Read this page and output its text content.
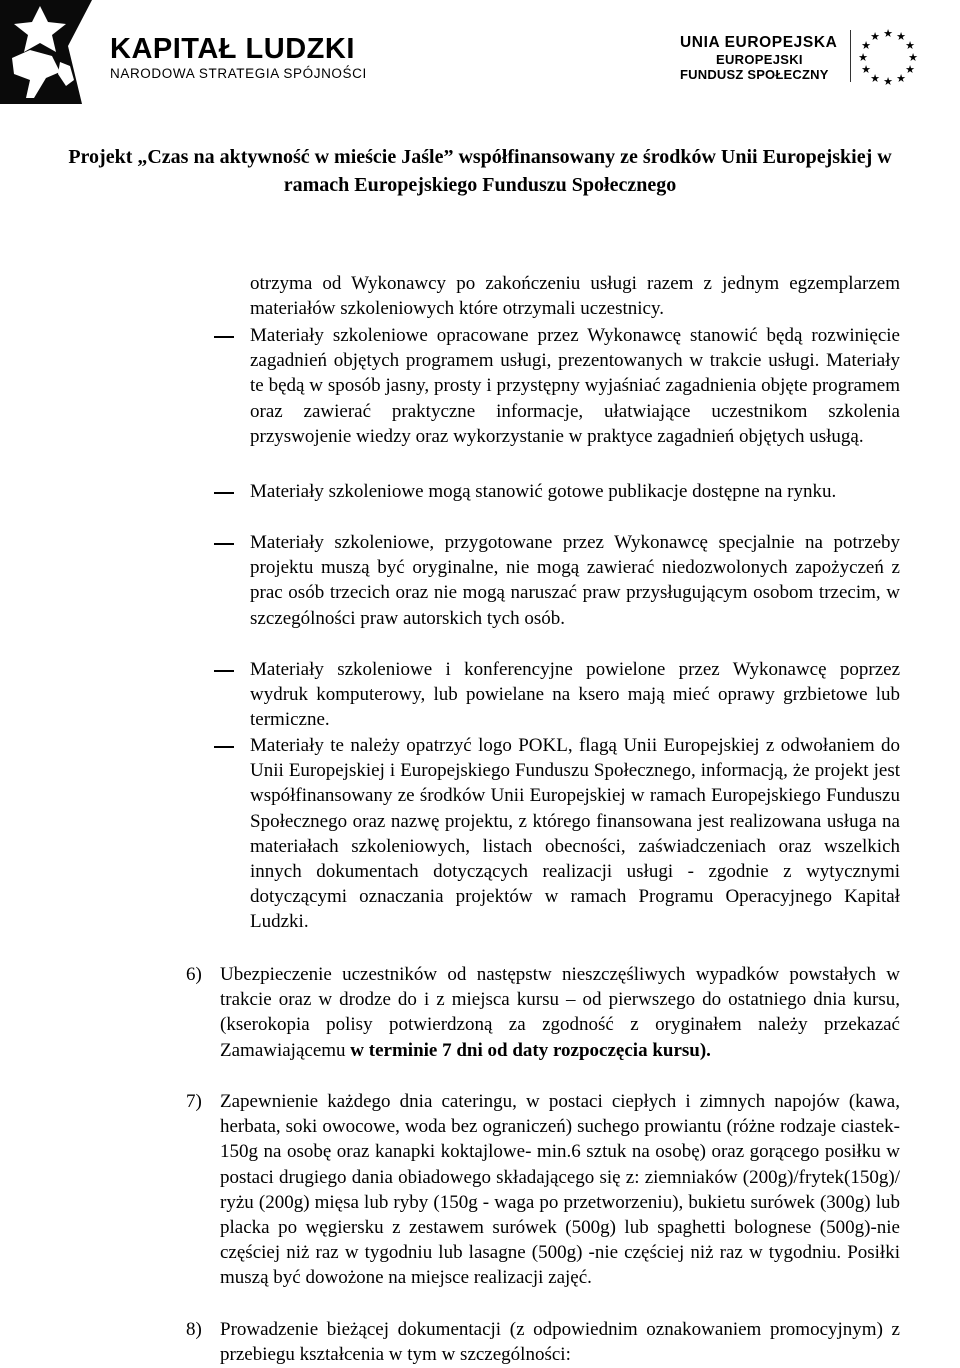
KAPITAŁ LUDZKI
NARODOWA STRATEGIA SPÓJNOŚCI
UNIA EUROPEJSKA
EUROPEJSKI
FUNDUSZ SPOŁECZNY
★ ★
★
★
★
★
★
★
★
★
★
★
Projekt „Czas na aktywność w mieście Jaśle” współfinansowany ze środków Unii Europejskiej w ramach Europejskiego Funduszu Społecznego

otrzyma od Wykonawcy po zakończeniu usługi razem z jednym egzemplarzem materiałów szkoleniowych które otrzymali uczestnicy.

Materiały szkoleniowe opracowane przez Wykonawcę stanowić będą rozwinięcie zagadnień objętych programem usługi, prezentowanych w trakcie usługi. Materiały te będą w sposób jasny, prosty i przystępny wyjaśniać zagadnienia objęte programem oraz zawierać praktyczne informacje, ułatwiające uczestnikom szkolenia przyswojenie wiedzy oraz wykorzystanie w praktyce zagadnień objętych usługą.
Materiały szkoleniowe mogą stanowić gotowe publikacje dostępne na rynku.
Materiały szkoleniowe, przygotowane przez Wykonawcę specjalnie na potrzeby projektu muszą być oryginalne, nie mogą zawierać niedozwolonych zapożyczeń z prac osób trzecich oraz nie mogą naruszać praw przysługującym osobom trzecim, w szczególności praw autorskich tych osób.
Materiały szkoleniowe i konferencyjne powielone przez Wykonawcę poprzez wydruk komputerowy, lub powielane na ksero mają mieć oprawy grzbietowe lub termiczne.
Materiały te należy opatrzyć logo POKL, flagą Unii Europejskiej z odwołaniem do Unii Europejskiej i Europejskiego Funduszu Społecznego, informacją, że projekt jest współfinansowany ze środków Unii Europejskiej w ramach Europejskiego Funduszu Społecznego oraz nazwę projektu, z którego finansowana jest realizowana usługa na materiałach szkoleniowych, listach obecności, zaświadczeniach oraz wszelkich innych dokumentach dotyczących realizacji usługi - zgodnie z wytycznymi dotyczącymi oznaczania projektów w ramach Programu Operacyjnego Kapitał Ludzki.
6) Ubezpieczenie uczestników od następstw nieszczęśliwych wypadków powstałych w trakcie oraz w drodze do i z miejsca kursu – od pierwszego do ostatniego dnia kursu, (kserokopia polisy potwierdzoną za zgodność z oryginałem należy przekazać Zamawiającemu w terminie 7 dni od daty rozpoczęcia kursu).
7) Zapewnienie każdego dnia cateringu, w postaci ciepłych i zimnych napojów (kawa, herbata, soki owocowe, woda bez ograniczeń) suchego prowiantu (różne rodzaje ciastek-150g na osobę oraz kanapki koktajlowe- min.6 sztuk na osobę) oraz gorącego posiłku w postaci drugiego dania obiadowego składającego się z: ziemniaków (200g)/frytek(150g)/ ryżu (200g) mięsa lub ryby (150g - waga po przetworzeniu), bukietu surówek (300g) lub placka po węgiersku z zestawem surówek (500g) lub spaghetti bolognese (500g)-nie częściej niż raz w tygodniu lub lasagne (500g) -nie częściej niż raz w tygodniu. Posiłki muszą być dowożone na miejsce realizacji zajęć.
8) Prowadzenie bieżącej dokumentacji (z odpowiednim oznakowaniem promocyjnym) z przebiegu kształcenia w tym w szczególności:
